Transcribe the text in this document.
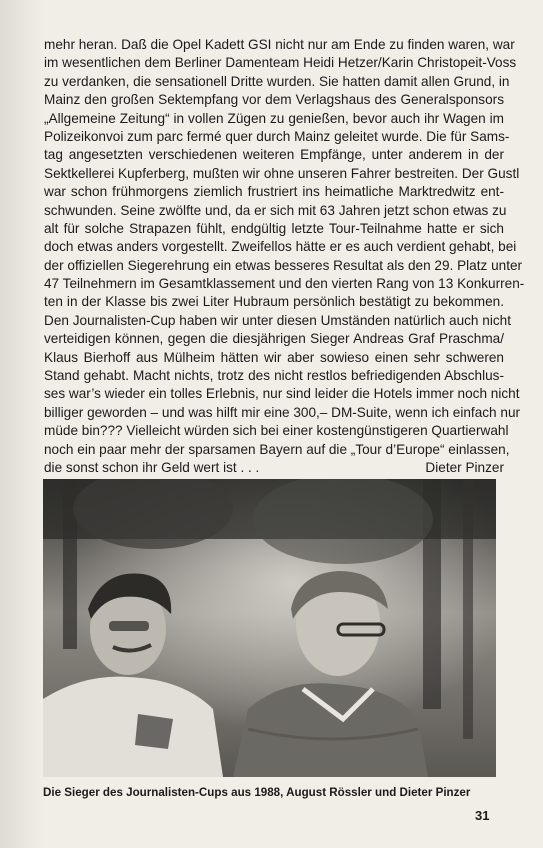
mehr heran. Daß die Opel Kadett GSI nicht nur am Ende zu finden waren, war
im wesentlichen dem Berliner Damenteam Heidi Hetzer/Karin Christopeit-Voss
zu verdanken, die sensationell Dritte wurden. Sie hatten damit allen Grund, in
Mainz den großen Sektempfang vor dem Verlagshaus des Generalsponsors
„Allgemeine Zeitung“ in vollen Zügen zu genießen, bevor auch ihr Wagen im
Polizeikonvoi zum parc fermé quer durch Mainz geleitet wurde. Die für Sams-
tag angesetzten verschiedenen weiteren Empfänge, unter anderem in der
Sektkellerei Kupferberg, mußten wir ohne unseren Fahrer bestreiten. Der Gustl
war schon frühmorgens ziemlich frustriert ins heimatliche Marktredwitz ent-
schwunden. Seine zwölfte und, da er sich mit 63 Jahren jetzt schon etwas zu
alt für solche Strapazen fühlt, endgültig letzte Tour-Teilnahme hatte er sich
doch etwas anders vorgestellt. Zweifellos hätte er es auch verdient gehabt, bei
der offiziellen Siegerehrung ein etwas besseres Resultat als den 29. Platz unter
47 Teilnehmern im Gesamtklassement und den vierten Rang von 13 Konkurren-
ten in der Klasse bis zwei Liter Hubraum persönlich bestätigt zu bekommen.
Den Journalisten-Cup haben wir unter diesen Umständen natürlich auch nicht
verteidigen können, gegen die diesjährigen Sieger Andreas Graf Praschma/
Klaus Bierhoff aus Mülheim hätten wir aber sowieso einen sehr schweren
Stand gehabt. Macht nichts, trotz des nicht restlos befriedigenden Abschlus-
ses war’s wieder ein tolles Erlebnis, nur sind leider die Hotels immer noch nicht
billiger geworden – und was hilft mir eine 300,– DM-Suite, wenn ich einfach nur
müde bin??? Vielleicht würden sich bei einer kostengünstigeren Quartierwahl
noch ein paar mehr der sparsamen Bayern auf die „Tour d’Europe“ einlassen,
die sonst schon ihr Geld wert ist . . .	Dieter Pinzer
Die Sieger des Journalisten-Cups aus 1988, August Rössler und Dieter Pinzer
31
